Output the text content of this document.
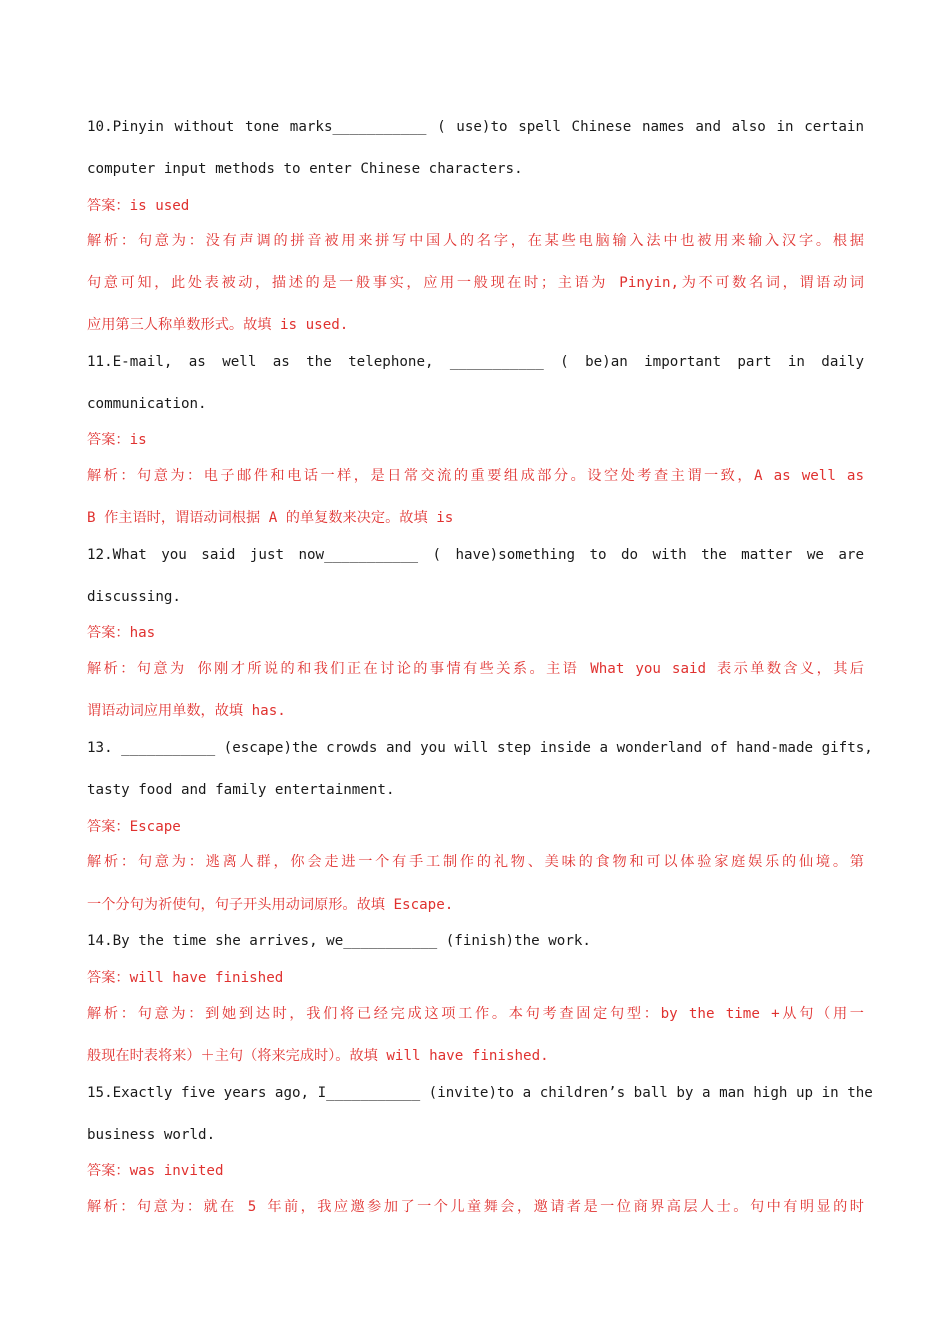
10.Pinyin without tone marks___________ ( use)to spell Chinese names and also in certain
computer input methods to enter Chinese characters.
答案：is used
解析：句意为：没有声调的拼音被用来拼写中国人的名字，在某些电脑输入法中也被用来输入汉字。根据
句意可知，此处表被动，描述的是一般事实，应用一般现在时；主语为 Pinyin,为不可数名词，谓语动词
应用第三人称单数形式。故填 is used.
11.E-mail, as well as the telephone, ___________ ( be)an important part in daily
communication.
答案：is
解析：句意为：电子邮件和电话一样，是日常交流的重要组成部分。设空处考查主谓一致，A as well as
B 作主语时，谓语动词根据 A 的单复数来决定。故填 is
12.What you said just now___________ ( have)something to do with the matter we are
discussing.
答案：has
解析：句意为 你刚才所说的和我们正在讨论的事情有些关系。主语 What you said 表示单数含义，其后
谓语动词应用单数，故填 has.
13. ___________ (escape)the crowds and you will step inside a wonderland of hand-made gifts,
tasty food and family entertainment.
答案：Escape
解析：句意为：逃离人群，你会走进一个有手工制作的礼物、美味的食物和可以体验家庭娱乐的仙境。第
一个分句为祈使句，句子开头用动词原形。故填 Escape.
14.By the time she arrives, we___________ (finish)the work.
答案：will have finished
解析：句意为：到她到达时，我们将已经完成这项工作。本句考查固定句型：by the time +从句（用一
般现在时表将来）＋主句（将来完成时）。故填 will have finished.
15.Exactly five years ago, I___________ (invite)to a children’s ball by a man high up in the
business world.
答案：was invited
解析：句意为：就在 5 年前，我应邀参加了一个儿童舞会，邀请者是一位商界高层人士。句中有明显的时
